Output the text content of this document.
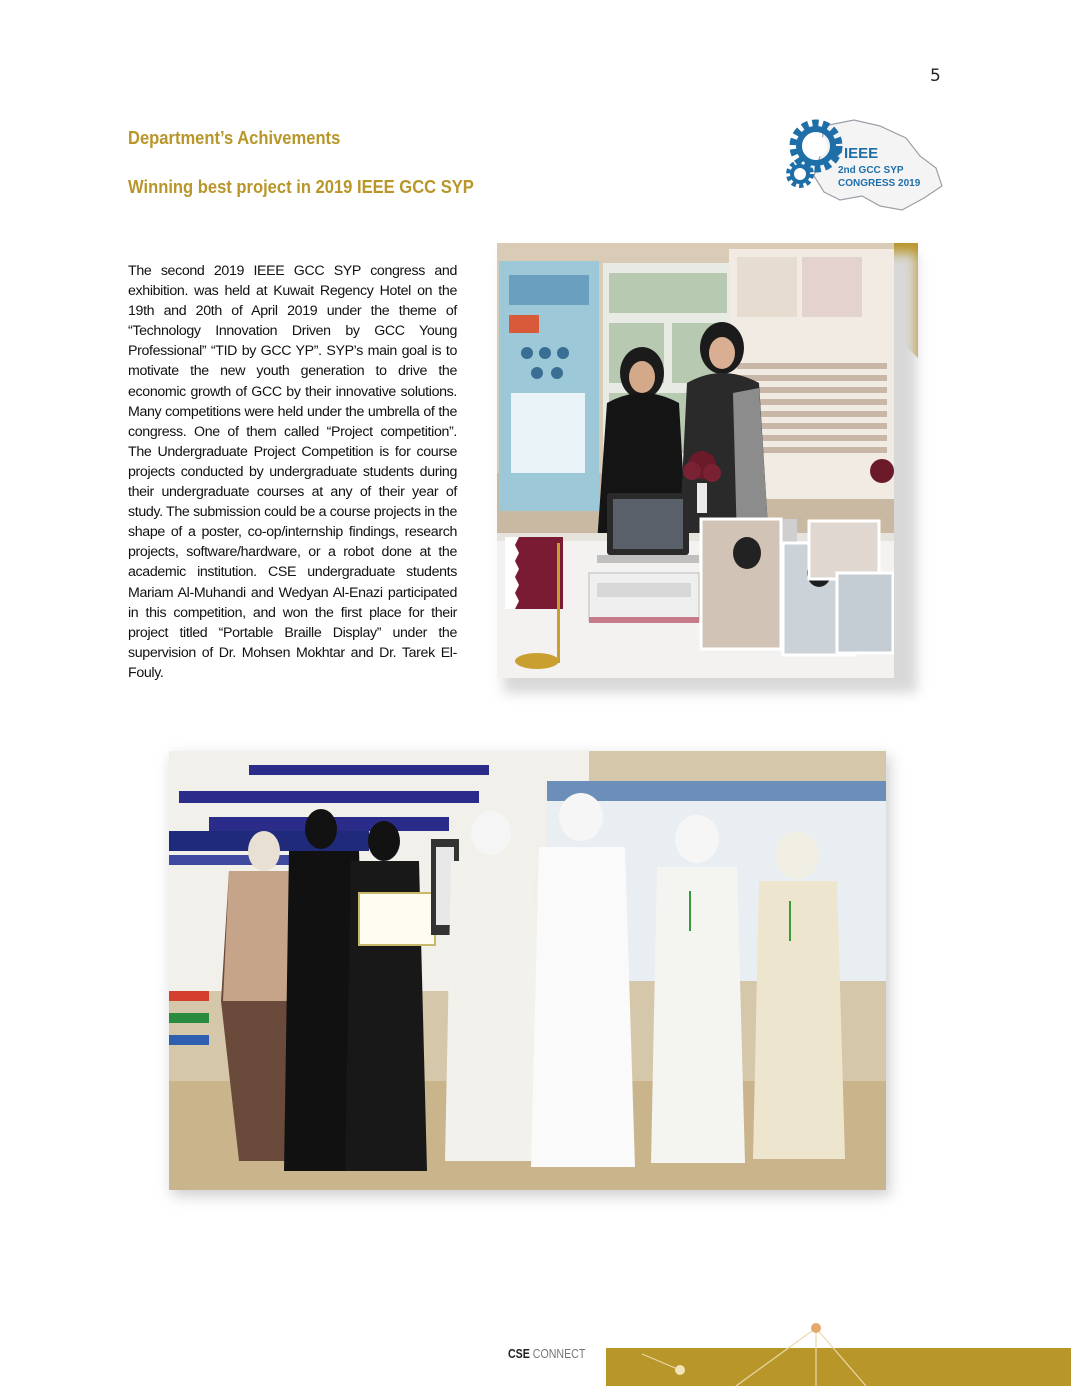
5
Department’s Achivements
Winning best project in 2019 IEEE GCC SYP
IEEE
2nd GCC SYP
CONGRESS 2019
The second 2019 IEEE GCC SYP congress and exhibition. was held at Kuwait Regency Hotel on the 19th and 20th of April 2019 under the theme of “Technology Innovation Driven by GCC Young Professional” “TID by GCC YP”. SYP’s main goal is to motivate the new youth generation to drive the economic growth of GCC by their innovative solutions. Many competitions were held under the umbrella of the congress. One of them called “Project competition”. The Undergraduate Project Competition is for course projects conducted by undergraduate students during their undergraduate courses at any of their year of study. The submission could be a course projects in the shape of a poster, co-op/internship findings, research projects, software/hardware, or a robot done at the academic institution. CSE undergraduate students Mariam Al-Muhandi and Wedyan Al-Enazi participated in this competition, and won the first place for their project titled “Portable Braille Display” under the supervision of Dr. Mohsen Mokhtar and Dr. Tarek El-Fouly.
CSE CONNECT
